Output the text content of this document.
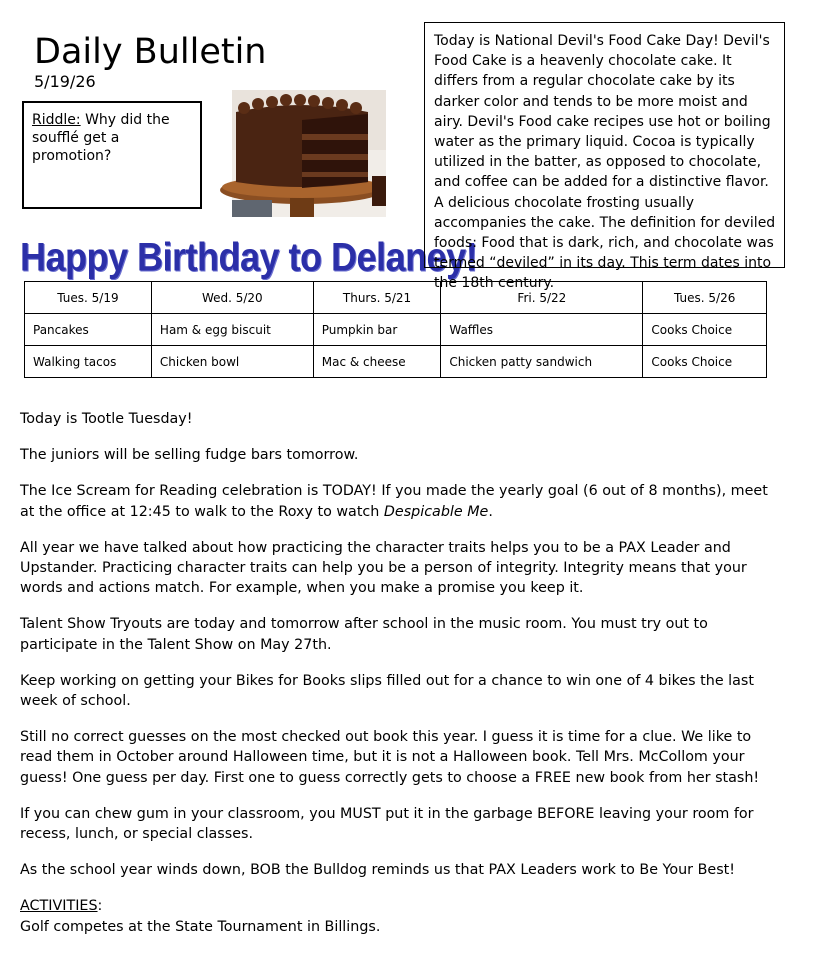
Daily Bulletin
5/19/26
Riddle: Why did the soufflé get a promotion?
Happy Birthday to Delaney!
Today is National Devil's Food Cake Day! Devil's Food Cake is a heavenly chocolate cake. It differs from a regular chocolate cake by its darker color and tends to be more moist and airy. Devil's Food cake recipes use hot or boiling water as the primary liquid. Cocoa is typically utilized in the batter, as opposed to chocolate, and coffee can be added for a distinctive flavor. A delicious chocolate frosting usually accompanies the cake. The definition for deviled foods: Food that is dark, rich, and chocolate was termed “deviled” in its day. This term dates into the 18th century.
Tues. 5/19	Wed. 5/20	Thurs. 5/21	Fri. 5/22	Tues. 5/26
Pancakes	Ham & egg biscuit	Pumpkin bar	Waffles	Cooks Choice
Walking tacos	Chicken bowl	Mac & cheese	Chicken patty sandwich	Cooks Choice

Today is Tootle Tuesday!

The juniors will be selling fudge bars tomorrow.

The Ice Scream for Reading celebration is TODAY! If you made the yearly goal (6 out of 8 months), meet at the office at 12:45 to walk to the Roxy to watch Despicable Me.

All year we have talked about how practicing the character traits helps you to be a PAX Leader and Upstander. Practicing character traits can help you be a person of integrity. Integrity means that your words and actions match. For example, when you make a promise you keep it.

Talent Show Tryouts are today and tomorrow after school in the music room. You must try out to participate in the Talent Show on May 27th.

Keep working on getting your Bikes for Books slips filled out for a chance to win one of 4 bikes the last week of school.

Still no correct guesses on the most checked out book this year. I guess it is time for a clue. We like to read them in October around Halloween time, but it is not a Halloween book. Tell Mrs. McCollom your guess! One guess per day. First one to guess correctly gets to choose a FREE new book from her stash!

If you can chew gum in your classroom, you MUST put it in the garbage BEFORE leaving your room for recess, lunch, or special classes.

As the school year winds down, BOB the Bulldog reminds us that PAX Leaders work to Be Your Best!

ACTIVITIES:
Golf competes at the State Tournament in Billings.
